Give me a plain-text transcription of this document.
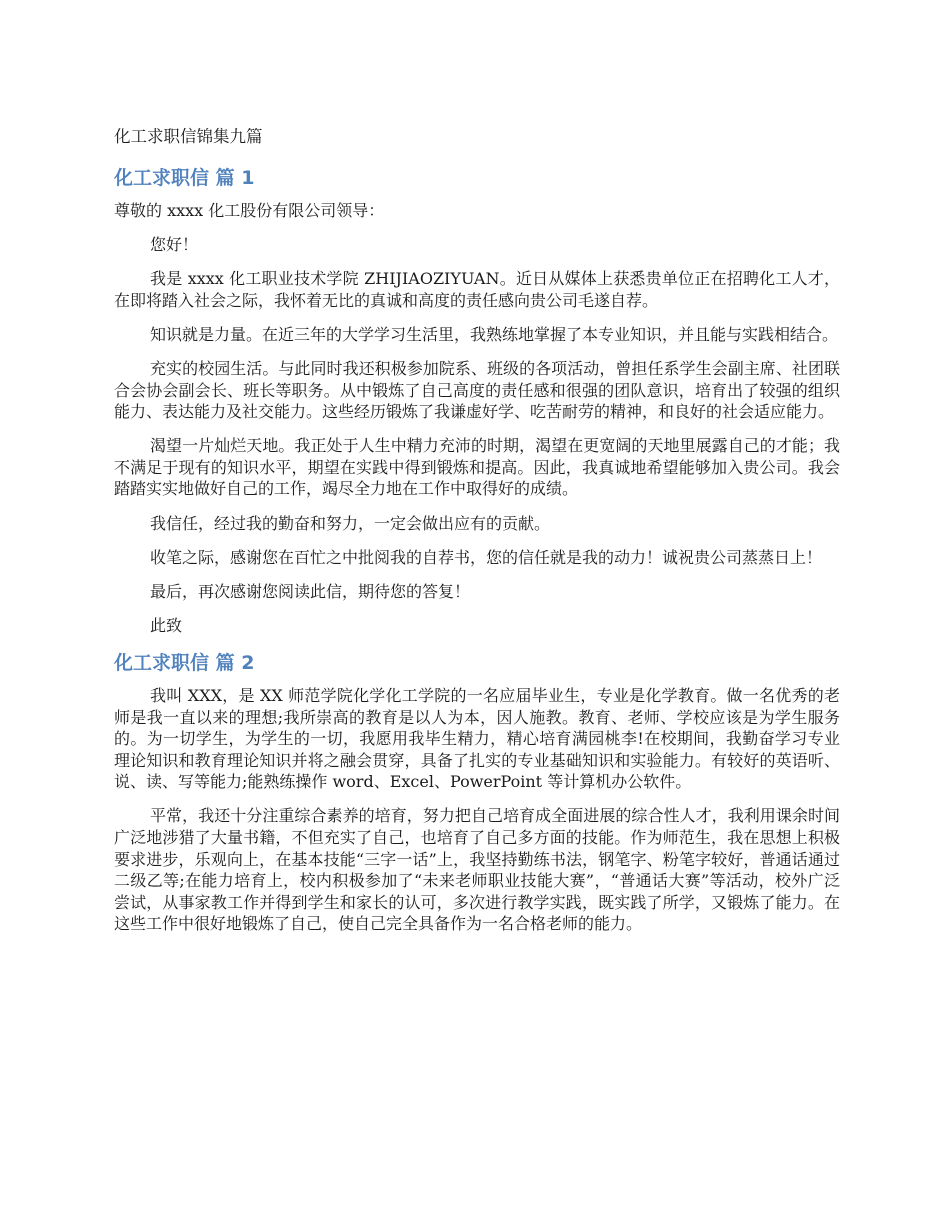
化工求职信锦集九篇
化工求职信 篇 1

尊敬的 xxxx 化工股份有限公司领导：

您好！

我是 xxxx 化工职业技术学院 ZHIJIAOZIYUAN。近日从媒体上获悉贵单位正在招聘化工人才，在即将踏入社会之际，我怀着无比的真诚和高度的责任感向贵公司毛遂自荐。

知识就是力量。在近三年的大学学习生活里，我熟练地掌握了本专业知识，并且能与实践相结合。

充实的校园生活。与此同时我还积极参加院系、班级的各项活动，曾担任系学生会副主席、社团联合会协会副会长、班长等职务。从中锻炼了自己高度的责任感和很强的团队意识，培育出了较强的组织能力、表达能力及社交能力。这些经历锻炼了我谦虚好学、吃苦耐劳的精神，和良好的社会适应能力。

渴望一片灿烂天地。我正处于人生中精力充沛的时期，渴望在更宽阔的天地里展露自己的才能；我不满足于现有的知识水平，期望在实践中得到锻炼和提高。因此，我真诚地希望能够加入贵公司。我会踏踏实实地做好自己的工作，竭尽全力地在工作中取得好的成绩。

我信任，经过我的勤奋和努力，一定会做出应有的贡献。

收笔之际，感谢您在百忙之中批阅我的自荐书，您的信任就是我的动力！诚祝贵公司蒸蒸日上！

最后，再次感谢您阅读此信，期待您的答复！

此致

化工求职信 篇 2

我叫 XXX，是 XX 师范学院化学化工学院的一名应届毕业生，专业是化学教育。做一名优秀的老师是我一直以来的理想;我所崇高的教育是以人为本，因人施教。教育、老师、学校应该是为学生服务的。为一切学生，为学生的一切，我愿用我毕生精力，精心培育满园桃李!在校期间，我勤奋学习专业理论知识和教育理论知识并将之融会贯穿，具备了扎实的专业基础知识和实验能力。有较好的英语听、说、读、写等能力;能熟练操作 word、Excel、PowerPoint 等计算机办公软件。

平常，我还十分注重综合素养的培育，努力把自己培育成全面进展的综合性人才，我利用课余时间广泛地涉猎了大量书籍，不但充实了自己，也培育了自己多方面的技能。作为师范生，我在思想上积极要求进步，乐观向上，在基本技能“三字一话”上，我坚持勤练书法，钢笔字、粉笔字较好，普通话通过二级乙等;在能力培育上，校内积极参加了“未来老师职业技能大赛”，“普通话大赛”等活动，校外广泛尝试，从事家教工作并得到学生和家长的认可，多次进行教学实践，既实践了所学，又锻炼了能力。在这些工作中很好地锻炼了自己，使自己完全具备作为一名合格老师的能力。
